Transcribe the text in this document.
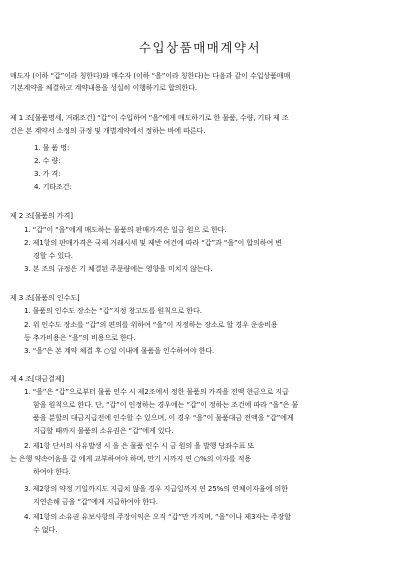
수입상품매매계약서
매도자 (이하 “갑”이라 칭한다)와 매수자 (이하 “을”이라 칭한다)는 다음과 같이 수입상품매매
기본계약을 체결하고 계약내용을 성실히 이행하기로 합의한다.
제 1 조[물품명세, 거래조건] “갑”이 수입하여 “을”에게 매도하기로 한 물품, 수량, 기타 제 조
건은 본 계약서 소정의 규정 및 개별계약에서 정하는 바에 따른다.
1. 물 품 명:
2. 수 량:
3. 가 격:
4. 기타조건:
제 2 조[물품의 가격]
1. “갑”이 “을”에게 매도하는 물품의 판매가격은 일금 원으 로 한다.
2. 제1항의 판매가격은 국제 거래시세 및 제반 여건에 따라 “갑”과 “을”이 합의하여 변
경할 수 있다.
3. 본 조의 규정은 기 체결된 주문량에는 영향을 미치지 않는다.
제 3 조[물품의 인수도]
1. 물품의 인수도 장소는 “갑”지정 창고도를 원칙으로 한다.
2. 위 인수도 장소를 “갑”의 편의를 위하여 “을”이 지정하는 장소로 할 경우 운송비용
등 추가비용은 “을”의 비용으로 한다.
3. “을”은 본 계약 체결 후 ○일 이내에 물품을 인수하여야 한다.
제 4 조[대금결제]
1. “을”은 “갑”으로부터 물품 인수 시 제2조에서 정한 물품의 가격을 전액 현금으로 지급
함을 원칙으로 한다. 단, “갑”이 인정하는 경우에는 “갑”이 정하는 조건에 따라 “을”은 물
품을 분할의 대금지급전에 인수할 수 있으며, 이 경우 “을”이 물품대금 전액을 “갑”에게
지급할 때까지 물품의 소유권은 “갑”에게 있다.
2. 제1항 단서의 사유발생 시 을 은 물품 인수 시 금 원의 을 발행 당좌수표 또
는 은행 약속어음을 갑 에게 교부하여야 하며, 만기 시까지 연 ○%의 이자를 적용
하여야 한다.
3. 제2항의 약정 기일까지도 지급치 않을 경우 지급일까지 연 25%의 연체이자율에 의한
지연손해 금을 “갑”에게 지급하여야 한다.
4. 제1항의 소유권 유보사항의 주장이익은 오직 “갑”만 가지며, “을”이나 제3자는 주장할
수 없다.
